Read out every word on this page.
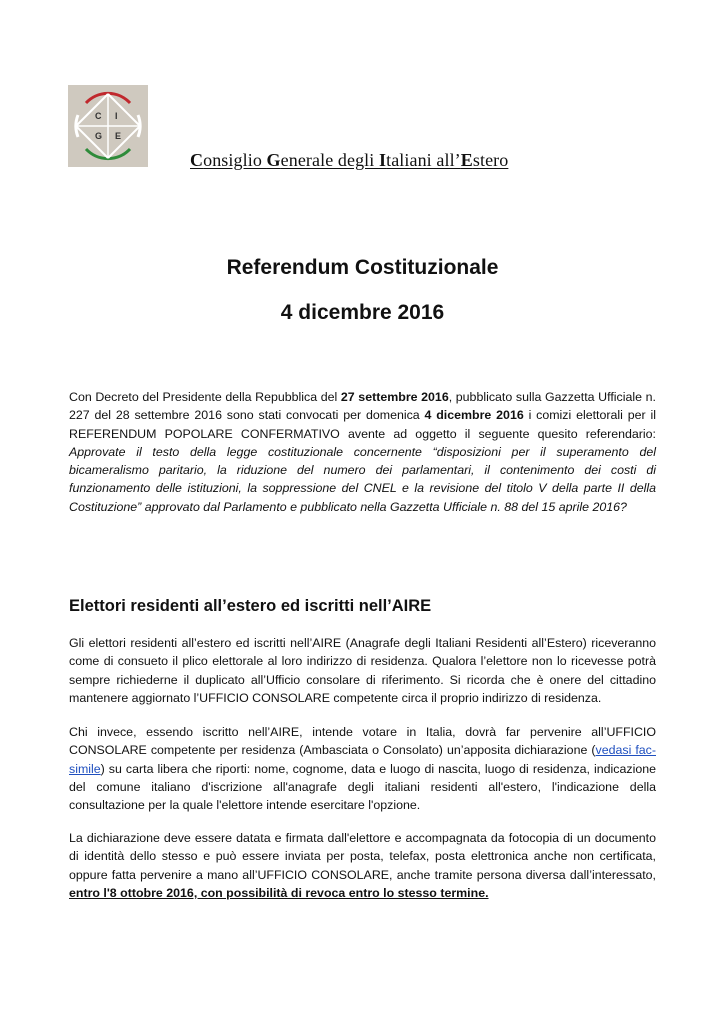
C I
G E
Consiglio Generale degli Italiani all’Estero
Referendum Costituzionale
4 dicembre 2016
Con Decreto del Presidente della Repubblica del 27 settembre 2016, pubblicato sulla Gazzetta Ufficiale n. 227 del 28 settembre 2016 sono stati convocati per domenica 4 dicembre 2016 i comizi elettorali per il REFERENDUM POPOLARE CONFERMATIVO avente ad oggetto il seguente quesito referendario: Approvate il testo della legge costituzionale concernente “disposizioni per il superamento del bicameralismo paritario, la riduzione del numero dei parlamentari, il contenimento dei costi di funzionamento delle istituzioni, la soppressione del CNEL e la revisione del titolo V della parte II della Costituzione” approvato dal Parlamento e pubblicato nella Gazzetta Ufficiale n. 88 del 15 aprile 2016?
Elettori residenti all’estero ed iscritti nell’AIRE
Gli elettori residenti all’estero ed iscritti nell’AIRE (Anagrafe degli Italiani Residenti all’Estero) riceveranno come di consueto il plico elettorale al loro indirizzo di residenza. Qualora l’elettore non lo ricevesse potrà sempre richiederne il duplicato all’Ufficio consolare di riferimento. Si ricorda che è onere del cittadino mantenere aggiornato l’UFFICIO CONSOLARE competente circa il proprio indirizzo di residenza.
Chi invece, essendo iscritto nell’AIRE, intende votare in Italia, dovrà far pervenire all’UFFICIO CONSOLARE competente per residenza (Ambasciata o Consolato) un’apposita dichiarazione (vedasi fac-simile) su carta libera che riporti: nome, cognome, data e luogo di nascita, luogo di residenza, indicazione del comune italiano d'iscrizione all'anagrafe degli italiani residenti all'estero, l'indicazione della consultazione per la quale l'elettore intende esercitare l'opzione.
La dichiarazione deve essere datata e firmata dall'elettore e accompagnata da fotocopia di un documento di identità dello stesso e può essere inviata per posta, telefax, posta elettronica anche non certificata, oppure fatta pervenire a mano all’UFFICIO CONSOLARE, anche tramite persona diversa dall’interessato, entro l'8 ottobre 2016, con possibilità di revoca entro lo stesso termine.
